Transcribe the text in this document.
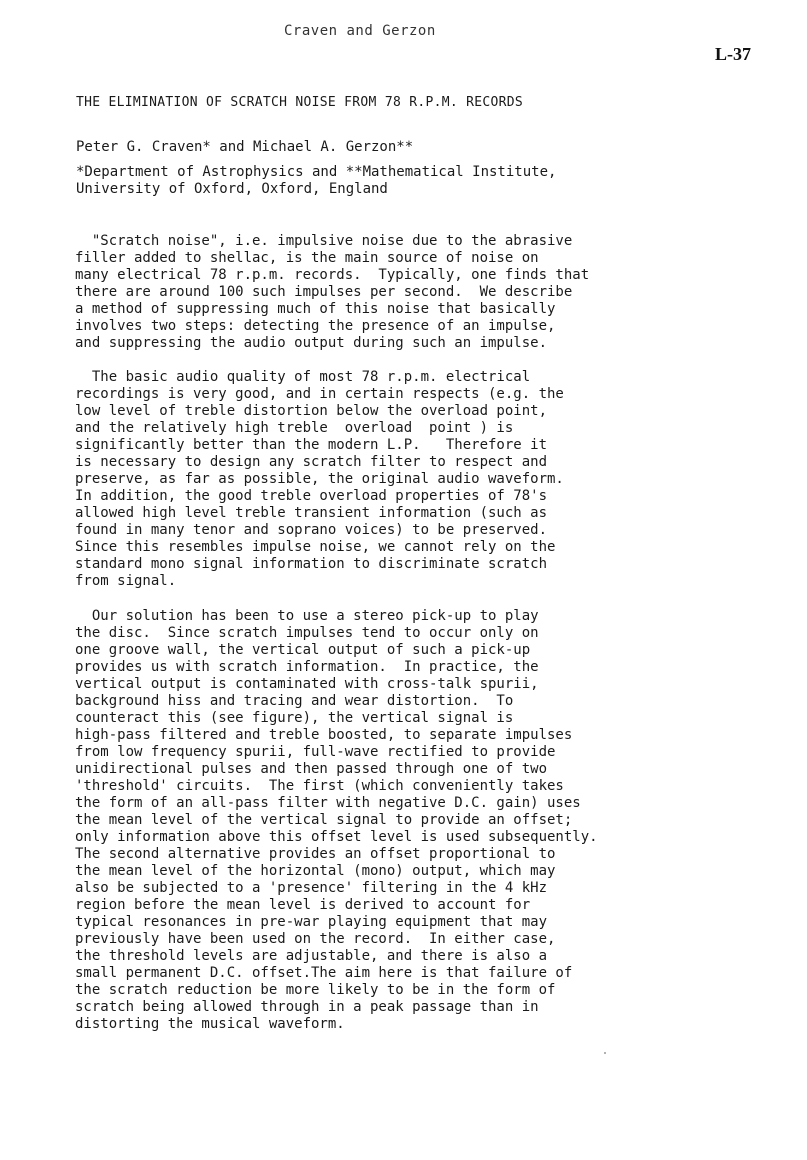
Craven and Gerzon
L-37
THE ELIMINATION OF SCRATCH NOISE FROM 78 R.P.M. RECORDS
Peter G. Craven* and Michael A. Gerzon**
*Department of Astrophysics and **Mathematical Institute,
University of Oxford, Oxford, England
"Scratch noise", i.e. impulsive noise due to the abrasive
filler added to shellac, is the main source of noise on
many electrical 78 r.p.m. records.  Typically, one finds that
there are around 100 such impulses per second.  We describe
a method of suppressing much of this noise that basically
involves two steps: detecting the presence of an impulse,
and suppressing the audio output during such an impulse.
The basic audio quality of most 78 r.p.m. electrical
recordings is very good, and in certain respects (e.g. the
low level of treble distortion below the overload point,
and the relatively high treble  overload  point ) is
significantly better than the modern L.P.   Therefore it
is necessary to design any scratch filter to respect and
preserve, as far as possible, the original audio waveform.
In addition, the good treble overload properties of 78's
allowed high level treble transient information (such as
found in many tenor and soprano voices) to be preserved.
Since this resembles impulse noise, we cannot rely on the
standard mono signal information to discriminate scratch
from signal.
Our solution has been to use a stereo pick-up to play
the disc.  Since scratch impulses tend to occur only on
one groove wall, the vertical output of such a pick-up
provides us with scratch information.  In practice, the
vertical output is contaminated with cross-talk spurii,
background hiss and tracing and wear distortion.  To
counteract this (see figure), the vertical signal is
high-pass filtered and treble boosted, to separate impulses
from low frequency spurii, full-wave rectified to provide
unidirectional pulses and then passed through one of two
'threshold' circuits.  The first (which conveniently takes
the form of an all-pass filter with negative D.C. gain) uses
the mean level of the vertical signal to provide an offset;
only information above this offset level is used subsequently.
The second alternative provides an offset proportional to
the mean level of the horizontal (mono) output, which may
also be subjected to a 'presence' filtering in the 4 kHz
region before the mean level is derived to account for
typical resonances in pre-war playing equipment that may
previously have been used on the record.  In either case,
the threshold levels are adjustable, and there is also a
small permanent D.C. offset.The aim here is that failure of
the scratch reduction be more likely to be in the form of
scratch being allowed through in a peak passage than in
distorting the musical waveform.
